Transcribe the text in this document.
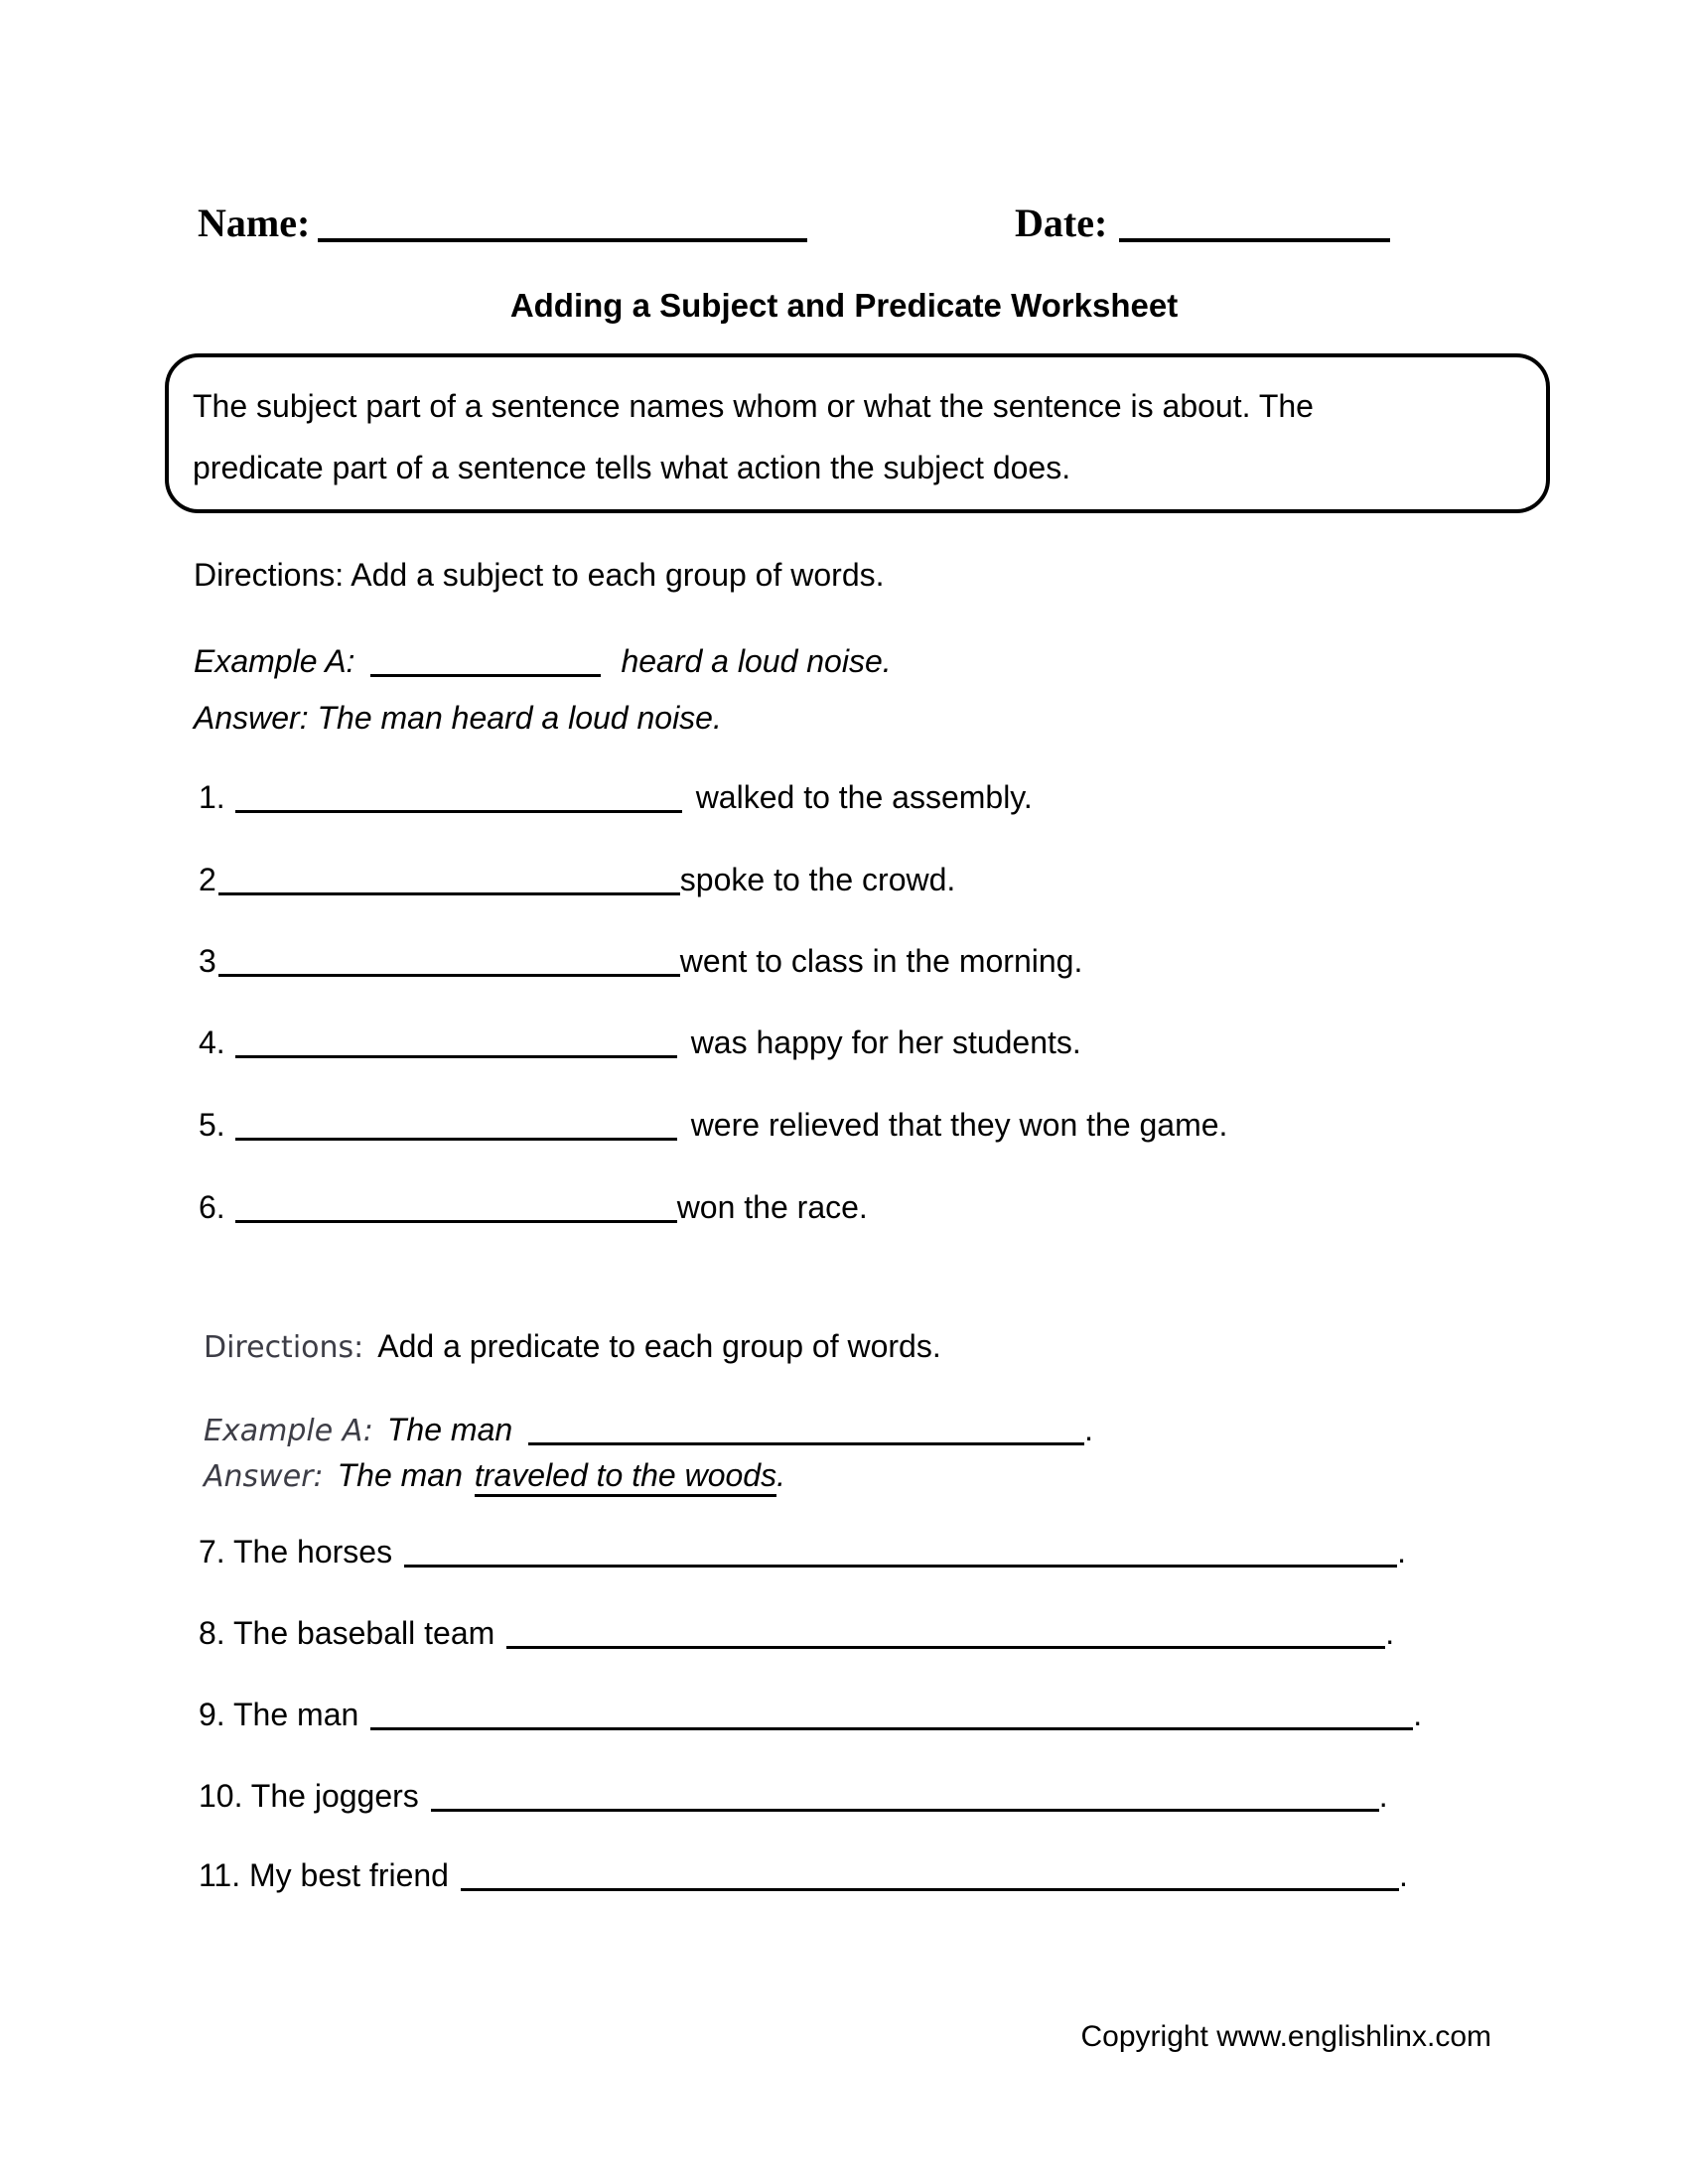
Name:	Date:
Adding a Subject and Predicate Worksheet
The subject part of a sentence names whom or what the sentence is about. The
predicate part of a sentence tells what action the subject does.
Directions: Add a subject to each group of words.
Example A:	heard a loud noise.
Answer: The man heard a loud noise.
1.	walked to the assembly.
2	spoke to the crowd.
3	went to class in the morning.
4.	was happy for her students.
5.	were relieved that they won the game.
6.	won the race.
Directions: Add a predicate to each group of words.
Example A: The man	.
Answer: The man traveled to the woods.
7. The horses	.
8. The baseball team	.
9. The man	.
10. The joggers	.
11. My best friend	.
Copyright www.englishlinx.com
